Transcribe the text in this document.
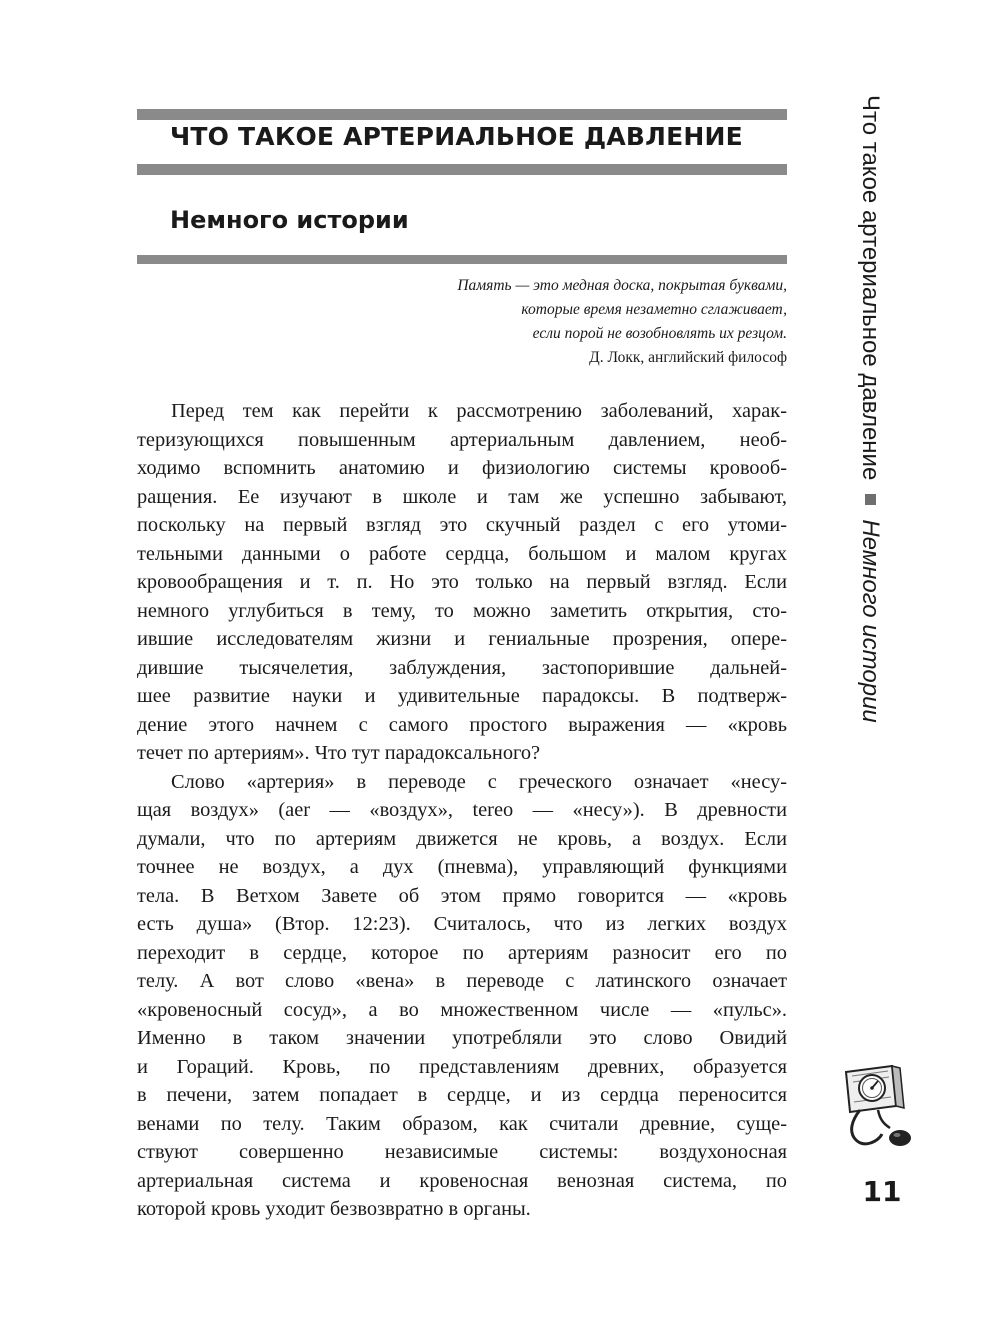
ЧТО ТАКОЕ АРТЕРИАЛЬНОЕ ДАВЛЕНИЕ
Немного истории
Память — это медная доска, покрытая буквами,
которые время незаметно сглаживает,
если порой не возобновлять их резцом.
Д. Локк, английский философ
Перед тем как перейти к рассмотрению заболеваний, харак-
теризующихся повышенным артериальным давлением, необ-
ходимо вспомнить анатомию и физиологию системы кровооб-
ращения. Ее изучают в школе и там же успешно забывают,
поскольку на первый взгляд это скучный раздел с его утоми-
тельными данными о работе сердца, большом и малом кругах
кровообращения и т. п. Но это только на первый взгляд. Если
немного углубиться в тему, то можно заметить открытия, сто-
ившие исследователям жизни и гениальные прозрения, опере-
дившие тысячелетия, заблуждения, застопорившие дальней-
шее развитие науки и удивительные парадоксы. В подтверж-
дение этого начнем с самого простого выражения — «кровь
течет по артериям». Что тут парадоксального?
Слово «артерия» в переводе с греческого означает «несу-
щая воздух» (aer — «воздух», tereo — «несу»). В древности
думали, что по артериям движется не кровь, а воздух. Если
точнее не воздух, а дух (пневма), управляющий функциями
тела. В Ветхом Завете об этом прямо говорится — «кровь
есть душа» (Втор. 12:23). Считалось, что из легких воздух
переходит в сердце, которое по артериям разносит его по
телу. А вот слово «вена» в переводе с латинского означает
«кровеносный сосуд», а во множественном числе — «пульс».
Именно в таком значении употребляли это слово Овидий
и Гораций. Кровь, по представлениям древних, образуется
в печени, затем попадает в сердце, и из сердца переносится
венами по телу. Таким образом, как считали древние, суще-
ствуют совершенно независимые системы: воздухоносная
артериальная система и кровеносная венозная система, по
которой кровь уходит безвозвратно в органы.
Что такое артериальное давлениеНемного истории
11
